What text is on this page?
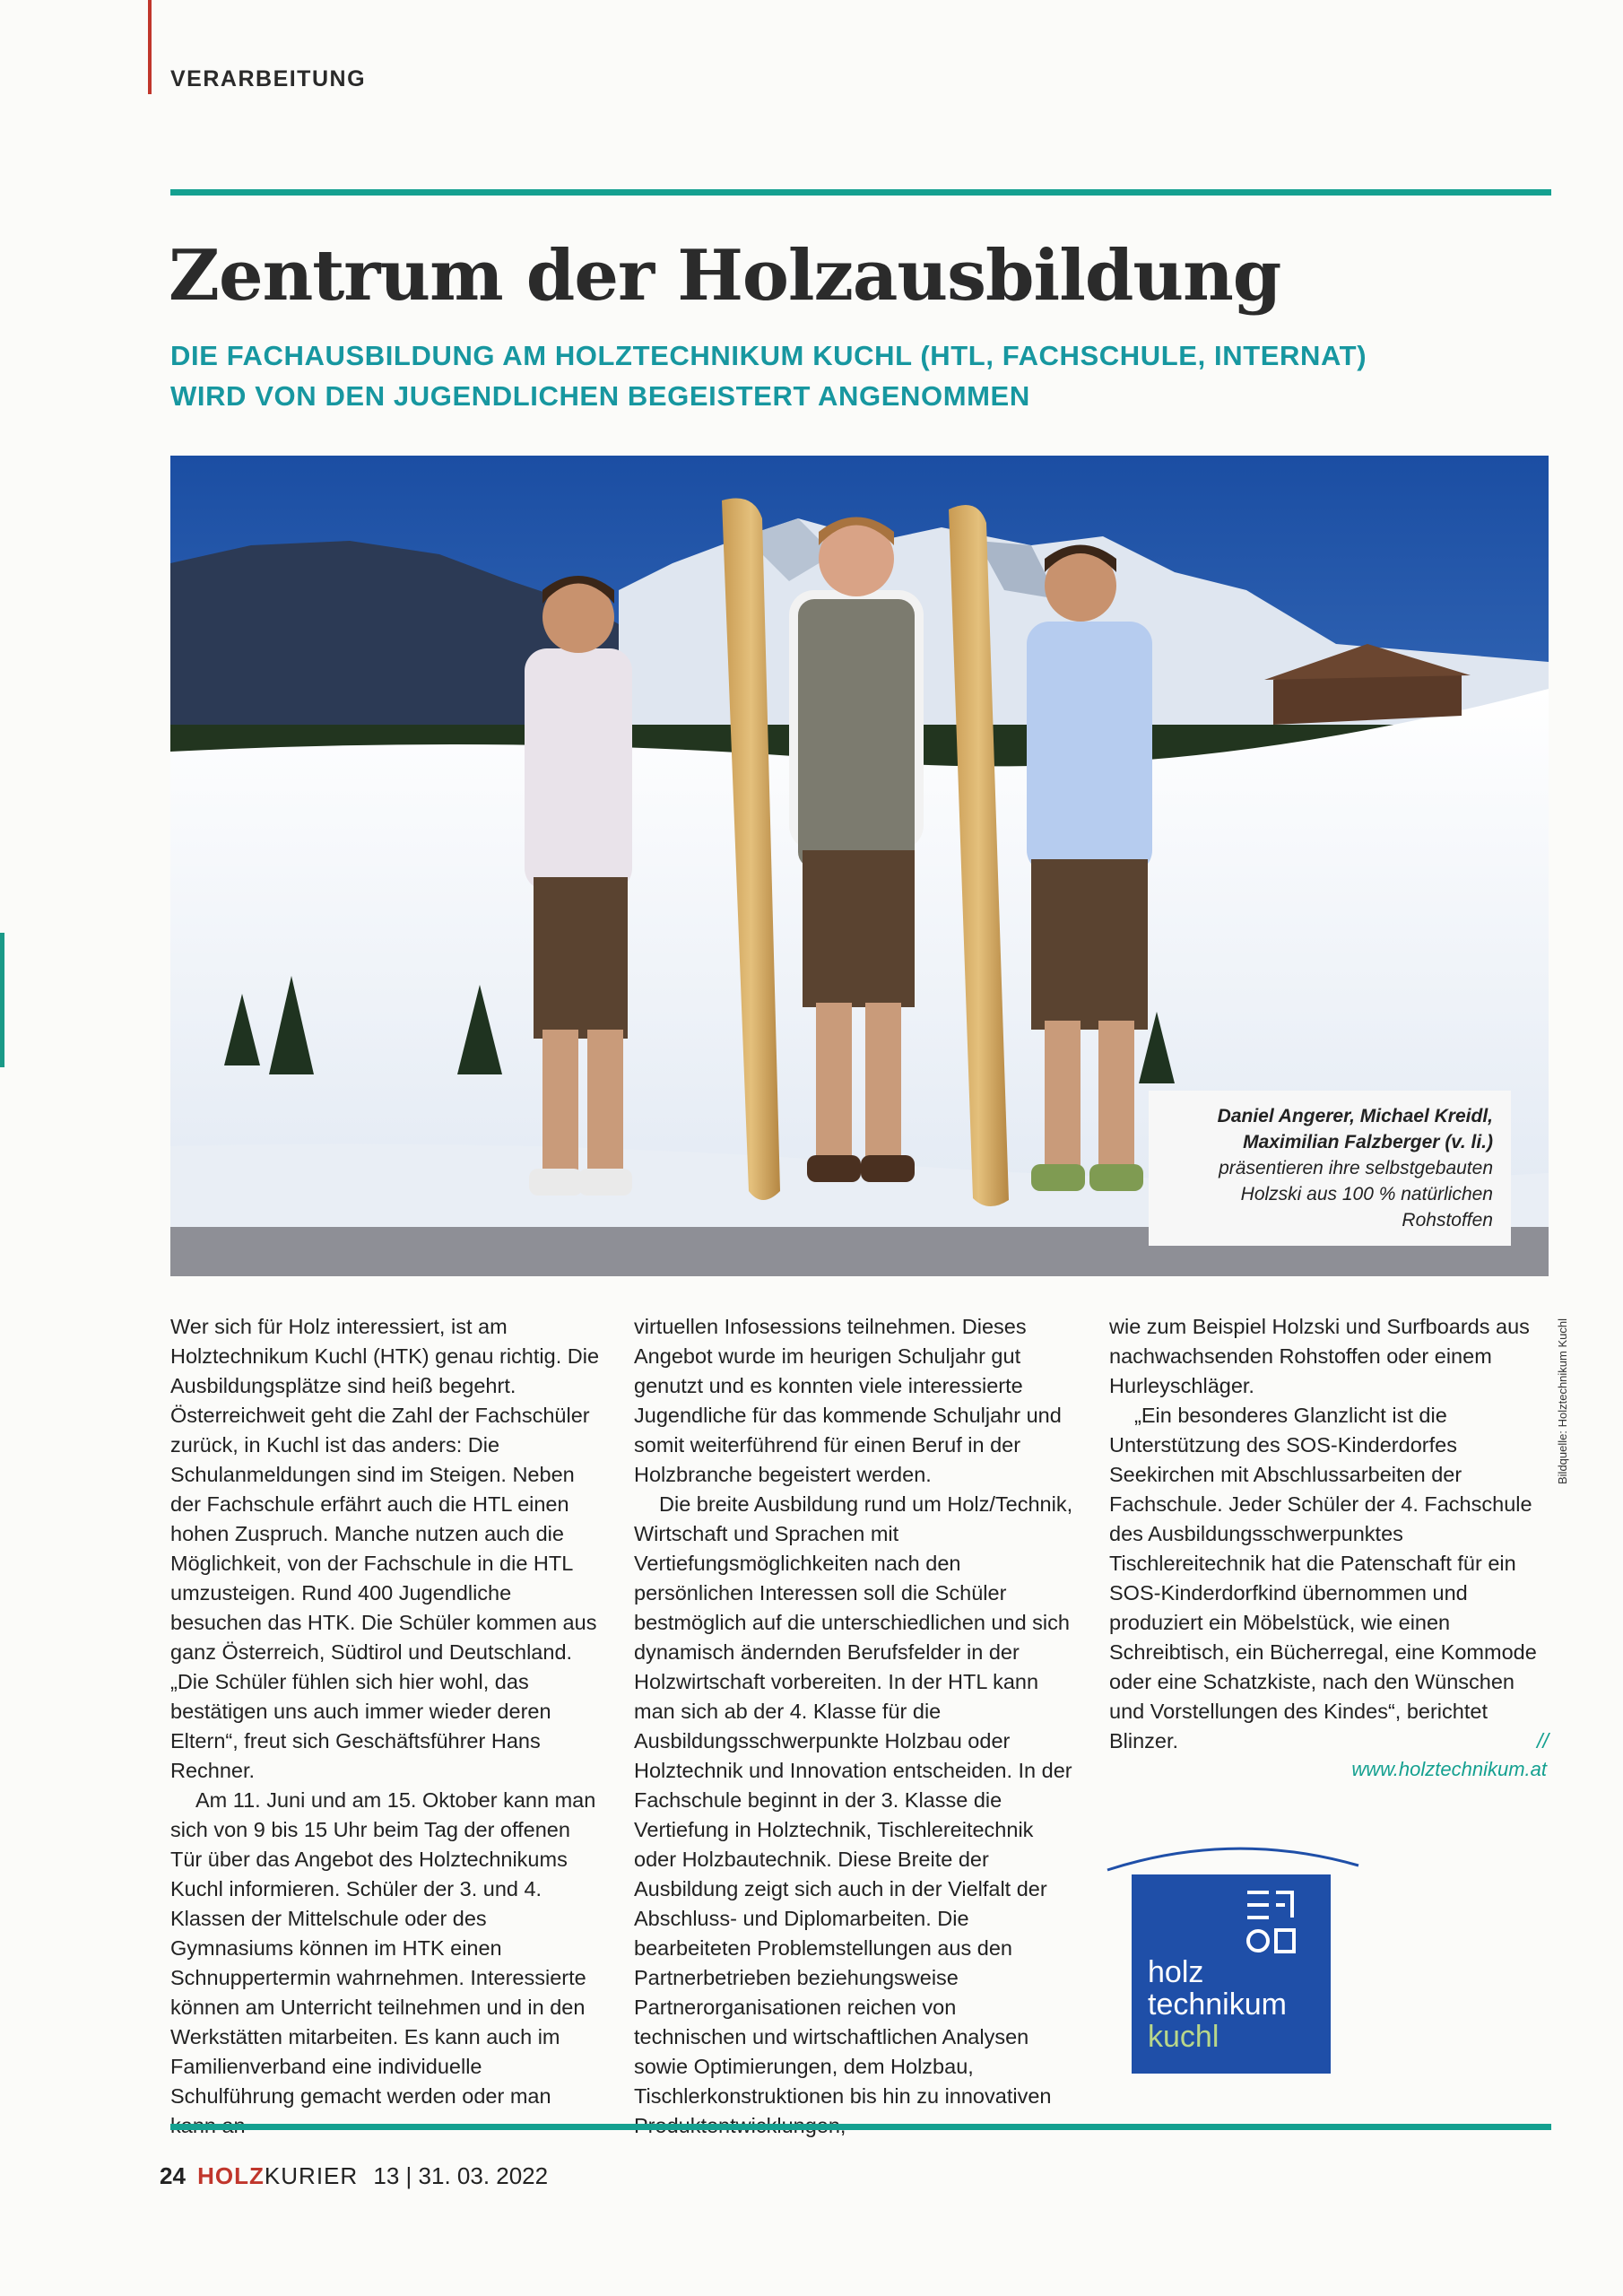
VERARBEITUNG
Zentrum der Holzausbildung
DIE FACHAUSBILDUNG AM HOLZTECHNIKUM KUCHL (HTL, FACHSCHULE, INTERNAT)
WIRD VON DEN JUGENDLICHEN BEGEISTERT ANGENOMMEN
Daniel Angerer, Michael Kreidl, Maximilian Falzberger (v. li.) präsentieren ihre selbstgebauten Holzski aus 100 % natürlichen Rohstoffen
Bildquelle: Holztechnikum Kuchl

Wer sich für Holz interessiert, ist am Holztechnikum Kuchl (HTK) genau richtig. Die Ausbildungsplätze sind heiß begehrt. Österreichweit geht die Zahl der Fachschüler zurück, in Kuchl ist das anders: Die Schulanmeldungen sind im Steigen. Neben der Fachschule erfährt auch die HTL einen hohen Zuspruch. Manche nutzen auch die Möglichkeit, von der Fachschule in die HTL umzusteigen. Rund 400 Jugendliche besuchen das HTK. Die Schüler kommen aus ganz Österreich, Südtirol und Deutschland. „Die Schüler fühlen sich hier wohl, das bestätigen uns auch immer wieder deren Eltern“, freut sich Geschäftsführer Hans Rechner.

Am 11. Juni und am 15. Oktober kann man sich von 9 bis 15 Uhr beim Tag der offenen Tür über das Angebot des Holztechnikums Kuchl informieren. Schüler der 3. und 4. Klassen der Mittelschule oder des Gymnasiums können im HTK einen Schnuppertermin wahrnehmen. Interessierte können am Unterricht teilnehmen und in den Werkstätten mitarbeiten. Es kann auch im Familienverband eine individuelle Schulführung gemacht werden oder man

virtuellen Infosessions teilnehmen. Dieses Angebot wurde im heurigen Schuljahr gut genutzt und es konnten viele interessierte Jugendliche für das kommende Schuljahr und somit weiterführend für einen Beruf in der Holzbranche begeistert werden.

Die breite Ausbildung rund um Holz/Technik, Wirtschaft und Sprachen mit Vertiefungsmöglichkeiten nach den persönlichen Interessen soll die Schüler bestmöglich auf die unterschiedlichen und sich dynamisch ändernden Berufsfelder in der Holzwirtschaft vorbereiten. In der HTL kann man sich ab der 4. Klasse für die Ausbildungsschwerpunkte Holzbau oder Holztechnik und Innovation entscheiden. In der Fachschule beginnt in der 3. Klasse die Vertiefung in Holztechnik, Tischlereitechnik oder Holzbautechnik. Diese Breite der Ausbildung zeigt sich auch in der Vielfalt der Abschluss- und Diplomarbeiten. Die bearbeiteten Problemstellungen aus den Partnerbetrieben beziehungsweise Partnerorganisationen reichen von technischen und wirtschaftlichen Analysen sowie Optimierungen, dem Holzbau, Tischlerkonstruktionen bis hin zu innovativen

wie zum Beispiel Holzski und Surfboards aus nachwachsenden Rohstoffen oder einem Hurleyschläger.

„Ein besonderes Glanzlicht ist die Unterstützung des SOS-Kinderdorfes Seekirchen mit Abschlussarbeiten der Fachschule. Jeder Schüler der 4. Fachschule des Ausbildungsschwerpunktes Tischlereitechnik hat die Patenschaft für ein SOS-Kinderdorfkind übernommen und produziert ein Möbelstück, wie einen Schreibtisch, ein Bücherregal, eine Kommode oder eine Schatzkiste, nach den Wünschen und Vorstellungen des Kindes“, berichtet Blinzer.	//

www.holztechnikum.at
holz
technikum
kuchl
24 HOLZKURIER 13 | 31. 03. 2022
